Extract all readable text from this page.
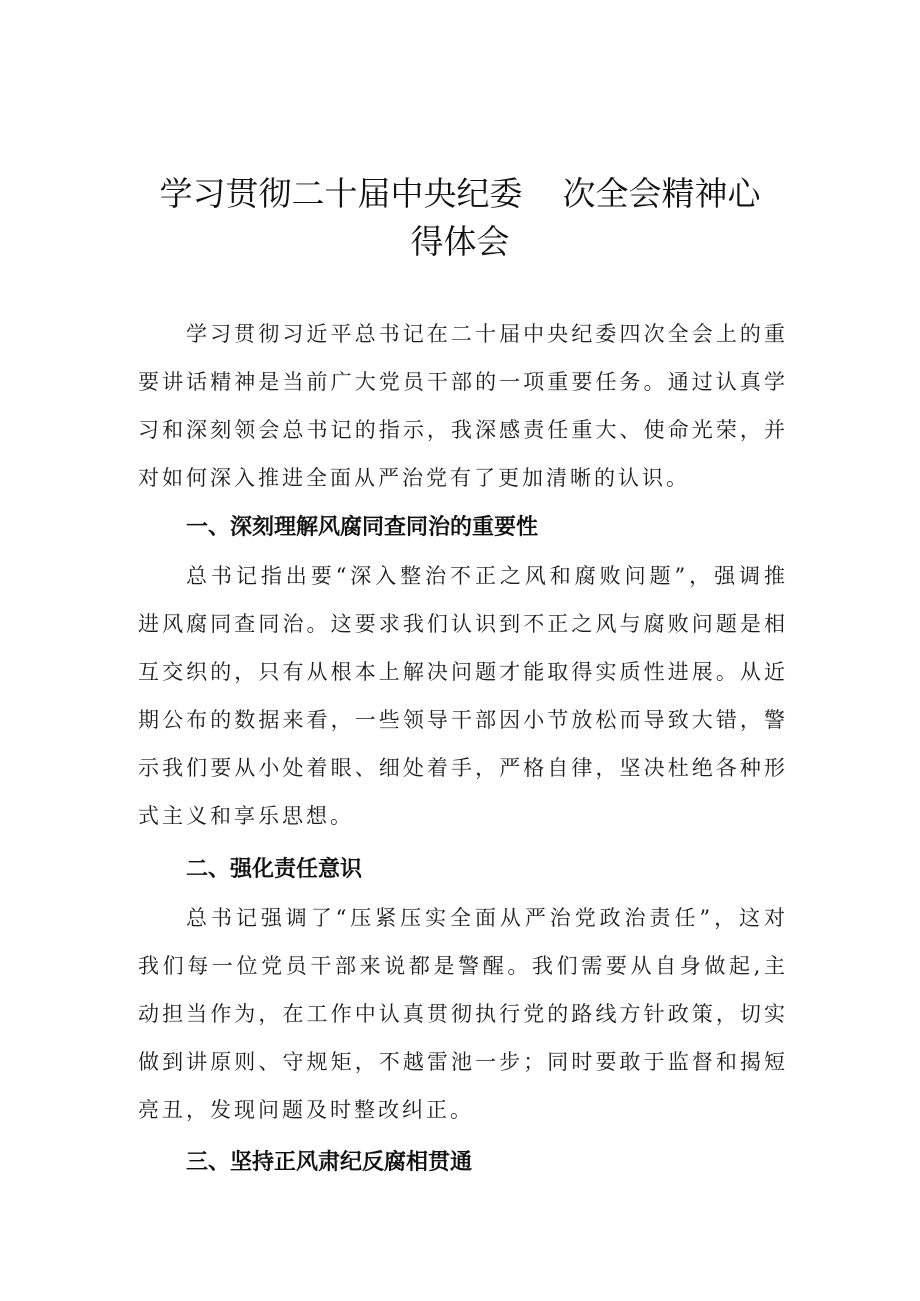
学习贯彻二十届中央纪委 次全会精神心
得体会

学习贯彻习近平总书记在二十届中央纪委四次全会上的重要讲话精神是当前广大党员干部的一项重要任务。通过认真学习和深刻领会总书记的指示，我深感责任重大、使命光荣，并对如何深入推进全面从严治党有了更加清晰的认识。

一、深刻理解风腐同查同治的重要性

总书记指出要“深入整治不正之风和腐败问题”，强调推进风腐同查同治。这要求我们认识到不正之风与腐败问题是相互交织的，只有从根本上解决问题才能取得实质性进展。从近期公布的数据来看，一些领导干部因小节放松而导致大错，警示我们要从小处着眼、细处着手，严格自律，坚决杜绝各种形式主义和享乐思想。

二、强化责任意识

总书记强调了“压紧压实全面从严治党政治责任”，这对我们每一位党员干部来说都是警醒。我们需要从自身做起,主动担当作为，在工作中认真贯彻执行党的路线方针政策，切实做到讲原则、守规矩，不越雷池一步；同时要敢于监督和揭短亮丑，发现问题及时整改纠正。

三、坚持正风肃纪反腐相贯通
